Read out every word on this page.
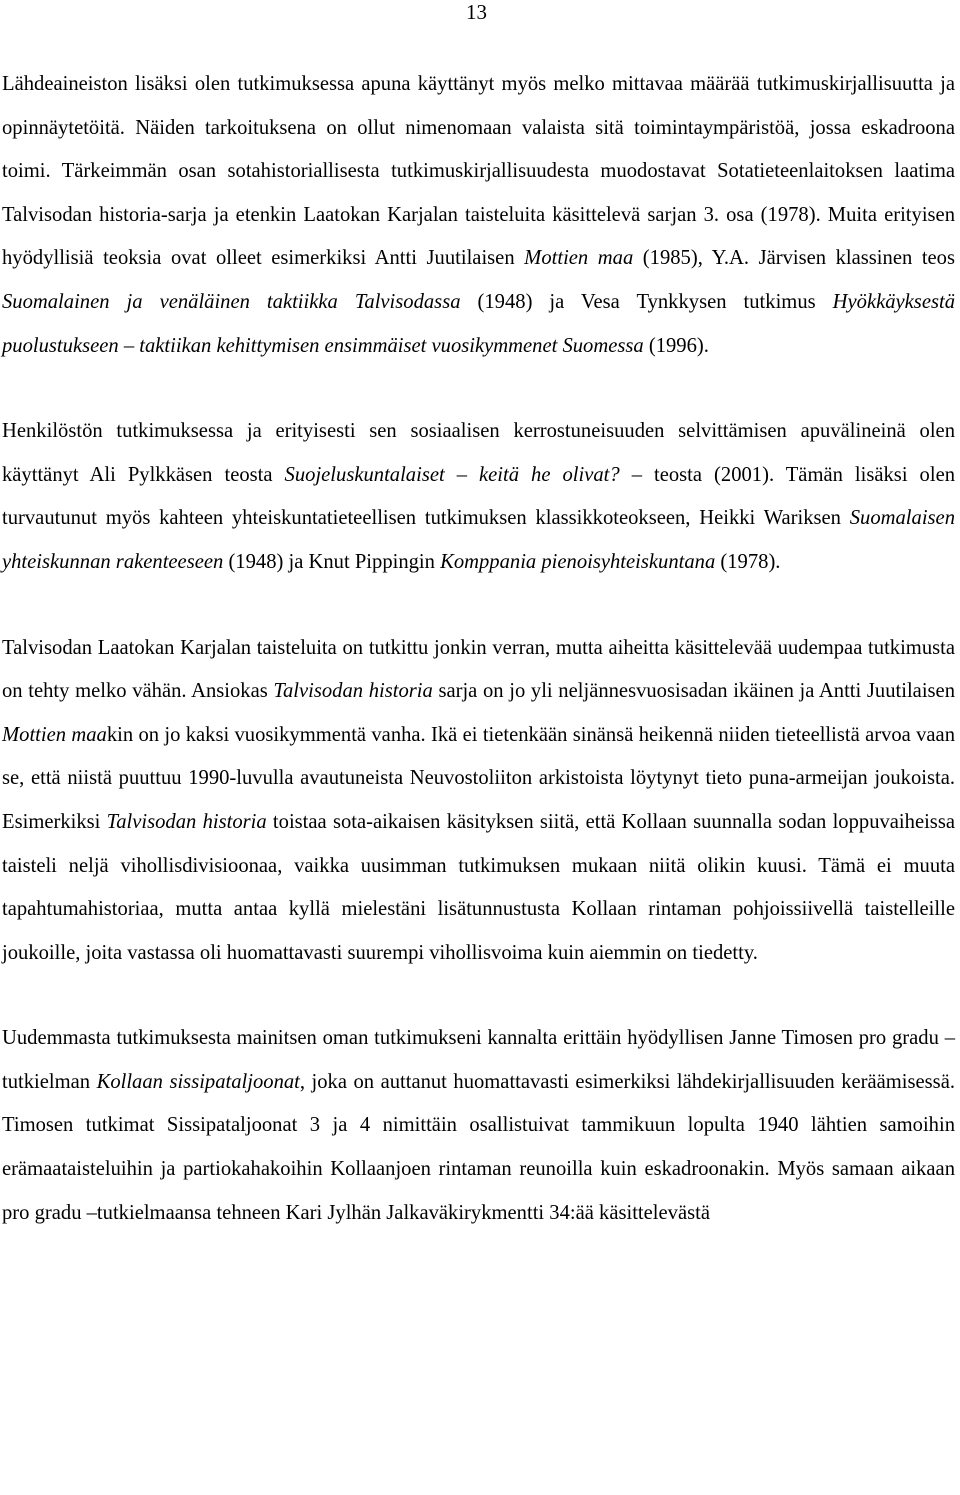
13

Lähdeaineiston lisäksi olen tutkimuksessa apuna käyttänyt myös melko mittavaa määrää tutkimuskirjallisuutta ja opinnäytetöitä. Näiden tarkoituksena on ollut nimenomaan valaista sitä toimintaympäristöä, jossa eskadroona toimi. Tärkeimmän osan sotahistoriallisesta tutkimuskirjallisuudesta muodostavat Sotatieteenlaitoksen laatima Talvisodan historia-sarja ja etenkin Laatokan Karjalan taisteluita käsittelevä sarjan 3. osa (1978). Muita erityisen hyödyllisiä teoksia ovat olleet esimerkiksi Antti Juutilaisen Mottien maa (1985), Y.A. Järvisen klassinen teos Suomalainen ja venäläinen taktiikka Talvisodassa (1948) ja Vesa Tynkkysen tutkimus Hyökkäyksestä puolustukseen – taktiikan kehittymisen ensimmäiset vuosikymmenet Suomessa (1996).

Henkilöstön tutkimuksessa ja erityisesti sen sosiaalisen kerrostuneisuuden selvittämisen apuvälineinä olen käyttänyt Ali Pylkkäsen teosta Suojeluskuntalaiset – keitä he olivat? – teosta (2001). Tämän lisäksi olen turvautunut myös kahteen yhteiskuntatieteellisen tutkimuksen klassikkoteokseen, Heikki Wariksen Suomalaisen yhteiskunnan rakenteeseen (1948) ja Knut Pippingin Komppania pienoisyhteiskuntana (1978).

Talvisodan Laatokan Karjalan taisteluita on tutkittu jonkin verran, mutta aiheitta käsittelevää uudempaa tutkimusta on tehty melko vähän. Ansiokas Talvisodan historia sarja on jo yli neljännesvuosisadan ikäinen ja Antti Juutilaisen Mottien maakin on jo kaksi vuosikymmentä vanha. Ikä ei tietenkään sinänsä heikennä niiden tieteellistä arvoa vaan se, että niistä puuttuu 1990-luvulla avautuneista Neuvostoliiton arkistoista löytynyt tieto puna-armeijan joukoista. Esimerkiksi Talvisodan historia toistaa sota-aikaisen käsityksen siitä, että Kollaan suunnalla sodan loppuvaiheissa taisteli neljä vihollisdivisioonaa, vaikka uusimman tutkimuksen mukaan niitä olikin kuusi. Tämä ei muuta tapahtumahistoriaa, mutta antaa kyllä mielestäni lisätunnustusta Kollaan rintaman pohjoissiivellä taistelleille joukoille, joita vastassa oli huomattavasti suurempi vihollisvoima kuin aiemmin on tiedetty.

Uudemmasta tutkimuksesta mainitsen oman tutkimukseni kannalta erittäin hyödyllisen Janne Timosen pro gradu –tutkielman Kollaan sissipataljoonat, joka on auttanut huomattavasti esimerkiksi lähdekirjallisuuden keräämisessä. Timosen tutkimat Sissipataljoonat 3 ja 4 nimittäin osallistuivat tammikuun lopulta 1940 lähtien samoihin erämaataisteluihin ja partiokahakoihin Kollaanjoen rintaman reunoilla kuin eskadroonakin. Myös samaan aikaan pro gradu –tutkielmaansa tehneen Kari Jylhän Jalkaväkirykmentti 34:ää käsittelevästä
